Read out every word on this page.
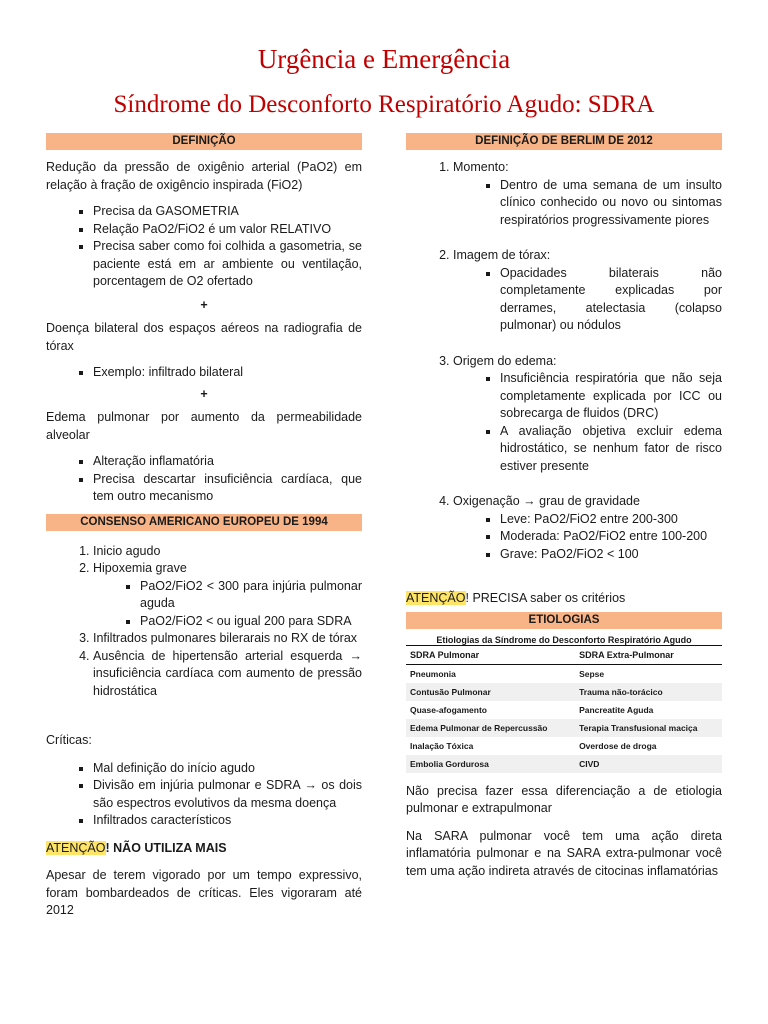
Urgência e Emergência
Síndrome do Desconforto Respiratório Agudo: SDRA
DEFINIÇÃO

Redução da pressão de oxigênio arterial (PaO2) em relação à fração de oxigêncio inspirada (FiO2)

▪ Precisa da GASOMETRIA
▪ Relação PaO2/FiO2 é um valor RELATIVO
▪ Precisa saber como foi colhida a gasometria, se paciente está em ar ambiente ou ventilação, porcentagem de O2 ofertado
+

Doença bilateral dos espaços aéreos na radiografia de tórax

▪ Exemplo: infiltrado bilateral
+

Edema pulmonar por aumento da permeabilidade alveolar

▪ Alteração inflamatória
▪ Precisa descartar insuficiência cardíaca, que tem outro mecanismo
CONSENSO AMERICANO EUROPEU DE 1994
1. Inicio agudo
2. Hipoxemia grave
▪ PaO2/FiO2 < 300 para injúria pulmonar aguda
▪ PaO2/FiO2 < ou igual 200 para SDRA
3. Infiltrados pulmonares bilerarais no RX de tórax
4. Ausência de hipertensão arterial esquerda → insuficiência cardíaca com aumento de pressão hidrostática

Críticas:

▪ Mal definição do início agudo
▪ Divisão em injúria pulmonar e SDRA → os dois são espectros evolutivos da mesma doença
▪ Infiltrados característicos

ATENÇÃO! NÃO UTILIZA MAIS

Apesar de terem vigorado por um tempo expressivo, foram bombardeados de críticas. Eles vigoraram até 2012

DEFINIÇÃO DE BERLIM DE 2012
1. Momento:
▪ Dentro de uma semana de um insulto clínico conhecido ou novo ou sintomas respiratórios progressivamente piores
2. Imagem de tórax:
▪ Opacidades bilaterais não completamente explicadas por derrames, atelectasia (colapso pulmonar) ou nódulos
3. Origem do edema:
▪ Insuficiência respiratória que não seja completamente explicada por ICC ou sobrecarga de fluidos (DRC)
▪ A avaliação objetiva excluir edema hidrostático, se nenhum fator de risco estiver presente
4. Oxigenação → grau de gravidade
▪ Leve: PaO2/FiO2 entre 200-300
▪ Moderada: PaO2/FiO2 entre 100-200
▪ Grave: PaO2/FiO2 < 100

ATENÇÃO! PRECISA saber os critérios

ETIOLOGIAS
Etiologias da Síndrome do Desconforto Respiratório Agudo
SDRA Pulmonar	SDRA Extra-Pulmonar
Pneumonia	Sepse
Contusão Pulmonar	Trauma não-torácico
Quase-afogamento	Pancreatite Aguda
Edema Pulmonar de Repercussão	Terapia Transfusional maciça
Inalação Tóxica	Overdose de droga
Embolia Gordurosa	CIVD

Não precisa fazer essa diferenciação a de etiologia pulmonar e extrapulmonar

Na SARA pulmonar você tem uma ação direta inflamatória pulmonar e na SARA extra-pulmonar você tem uma ação indireta através de citocinas inflamatórias
